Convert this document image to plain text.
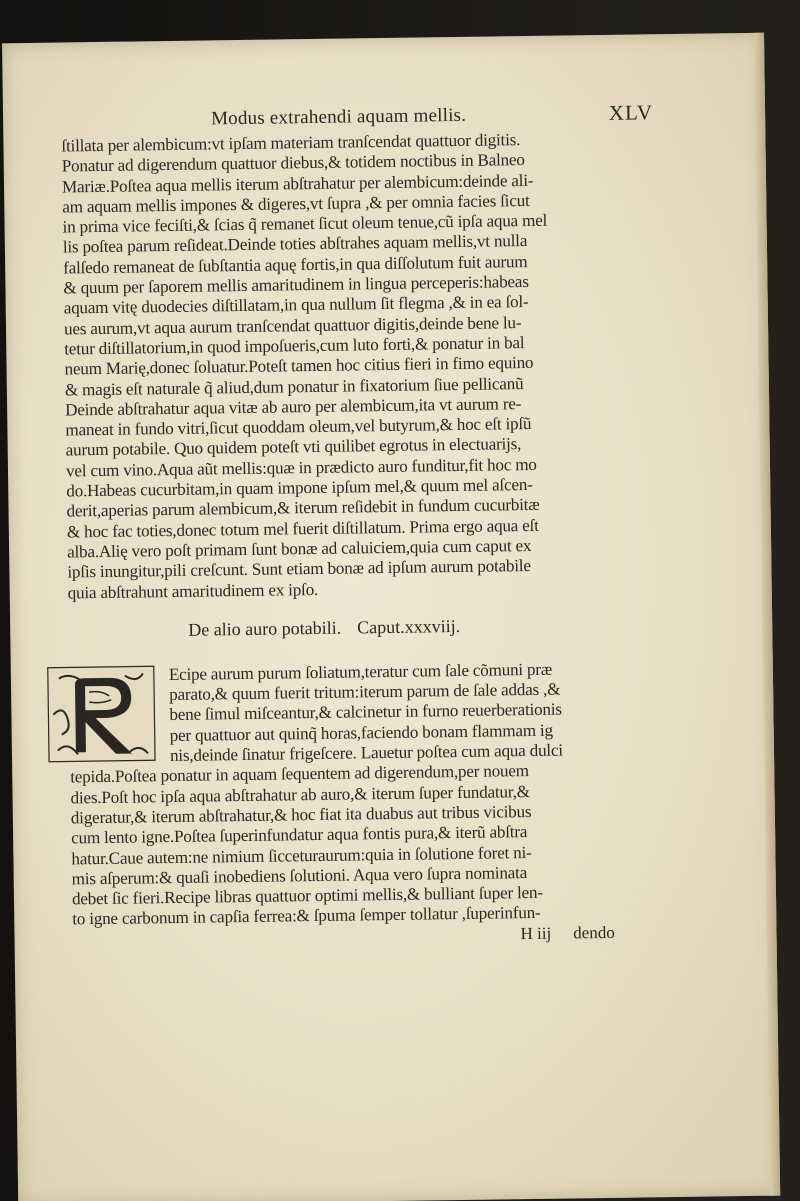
Modus extrahendi aquam mellis.	XLV
ſtillata per alembicum:vt ipſam materiam tranſcendat quattuor digitis.
Ponatur ad digerendum quattuor diebus,& totidem noctibus in Balneo
Mariæ.Poſtea aqua mellis iterum abſtrahatur per alembicum:deinde ali-
am aquam mellis impones & digeres,vt ſupra ,& per omnia facies ſicut
in prima vice feciſti,& ſcias q̃ remanet ſicut oleum tenue,cũ ipſa aqua mel
lis poſtea parum reſideat.Deinde toties abſtrahes aquam mellis,vt nulla
falſedo remaneat de ſubſtantia aquę fortis,in qua diſſolutum fuit aurum
& quum per ſaporem mellis amaritudinem in lingua perceperis:habeas
aquam vitę duodecies diſtillatam,in qua nullum ſit flegma ,& in ea ſol-
ues aurum,vt aqua aurum tranſcendat quattuor digitis,deinde bene lu-
tetur diſtillatorium,in quod impoſueris,cum luto forti,& ponatur in bal
neum Marię,donec ſoluatur.Poteſt tamen hoc citius fieri in fimo equino
& magis eſt naturale q̃ aliud,dum ponatur in fixatorium ſiue pellicanũ
Deinde abſtrahatur aqua vitæ ab auro per alembicum,ita vt aurum re-
maneat in fundo vitri,ſicut quoddam oleum,vel butyrum,& hoc eſt ipſũ
aurum potabile. Quo quidem poteſt vti quilibet egrotus in electuarijs,
vel cum vino.Aqua aũt mellis:quæ in prædicto auro funditur,fit hoc mo
do.Habeas cucurbitam,in quam impone ipſum mel,& quum mel aſcen-
derit,aperias parum alembicum,& iterum reſidebit in fundum cucurbitæ
& hoc fac toties,donec totum mel fuerit diſtillatum. Prima ergo aqua eſt
alba.Alię vero poſt primam ſunt bonæ ad caluiciem,quia cum caput ex
ipſis inungitur,pili creſcunt. Sunt etiam bonæ ad ipſum aurum potabile
quia abſtrahunt amaritudinem ex ipſo.
De alio auro potabili. Caput.xxxviij.
Ecipe aurum purum ſoliatum,teratur cum ſale cõmuni præ
parato,& quum fuerit tritum:iterum parum de ſale addas ,&
bene ſimul miſceantur,& calcinetur in furno reuerberationis
per quattuor aut quinq̃ horas,faciendo bonam flammam ig
nis,deinde ſinatur frigeſcere. Lauetur poſtea cum aqua dulci
tepida.Poſtea ponatur in aquam ſequentem ad digerendum,per nouem
dies.Poſt hoc ipſa aqua abſtrahatur ab auro,& iterum ſuper fundatur,&
digeratur,& iterum abſtrahatur,& hoc fiat ita duabus aut tribus vicibus
cum lento igne.Poſtea ſuperinfundatur aqua fontis pura,& iterũ abſtra
hatur.Caue autem:ne nimium ſicceturaurum:quia in ſolutione foret ni-
mis aſperum:& quaſi inobediens ſolutioni. Aqua vero ſupra nominata
debet ſic fieri.Recipe libras quattuor optimi mellis,& bulliant ſuper len-
to igne carbonum in capſia ferrea:& ſpuma ſemper tollatur ,ſuperinfun-
H iij dendo
